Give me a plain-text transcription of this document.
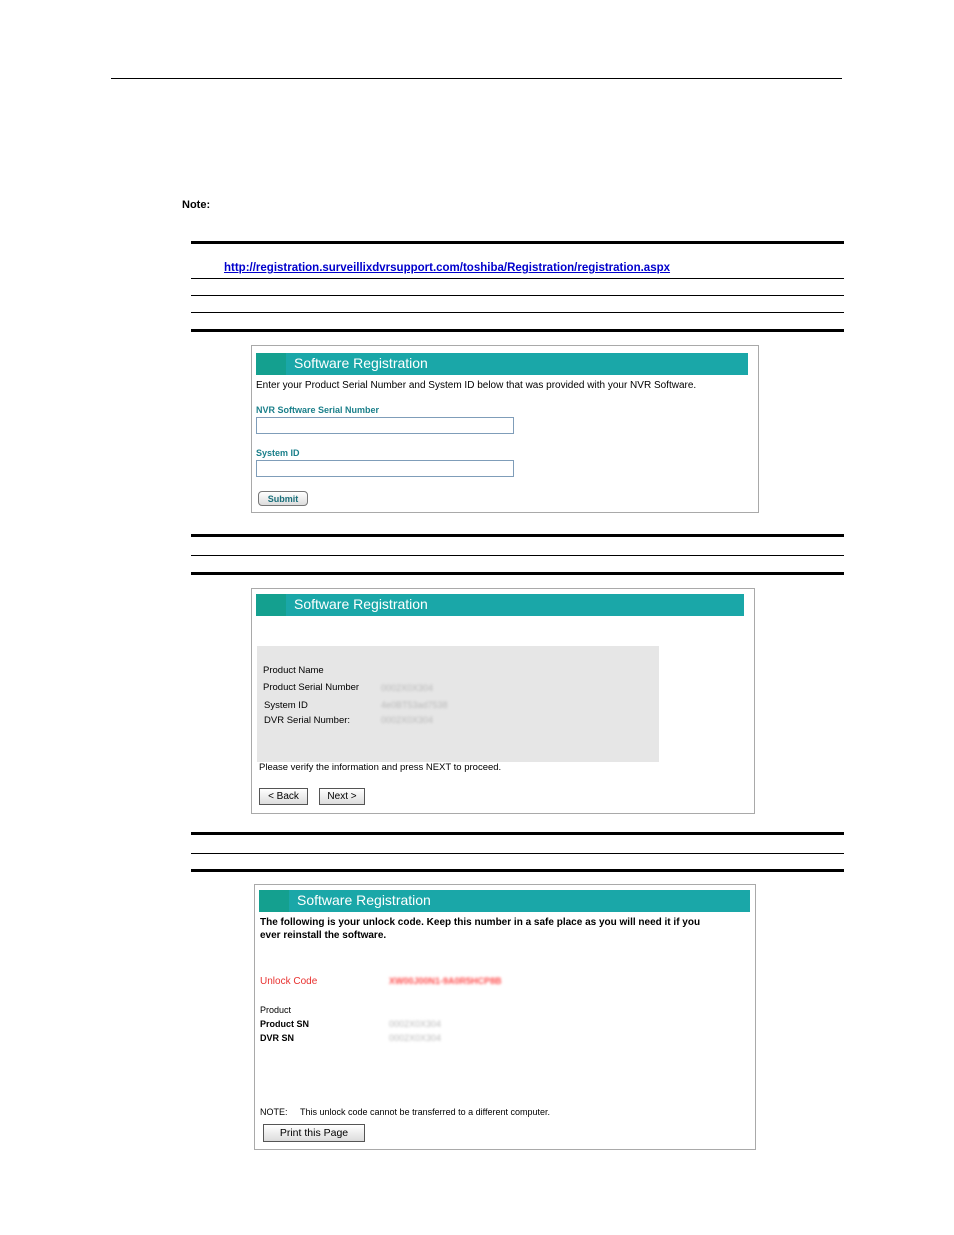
Note:
http://registration.surveillixdvrsupport.com/toshiba/Registration/registration.aspx
Software Registration
Enter your Product Serial Number and System ID below that was provided with your NVR Software.
NVR Software Serial Number
System ID
Submit
Software Registration
Product Name
Product Serial Number 0002X0X304
System ID	4e0BT53ad7538
DVR Serial Number:	0002X0X304
Please verify the information and press NEXT to proceed.
< Back	Next >
Software Registration
The following is your unlock code. Keep this number in a safe place as you will need it if you
ever reinstall the software.
Unlock Code	XW00J00N1-9A0R5HCP8B
Product
Product SN	0002X0X304
DVR SN	0002X0X304
NOTE: This unlock code cannot be transferred to a different computer.
Print this Page
